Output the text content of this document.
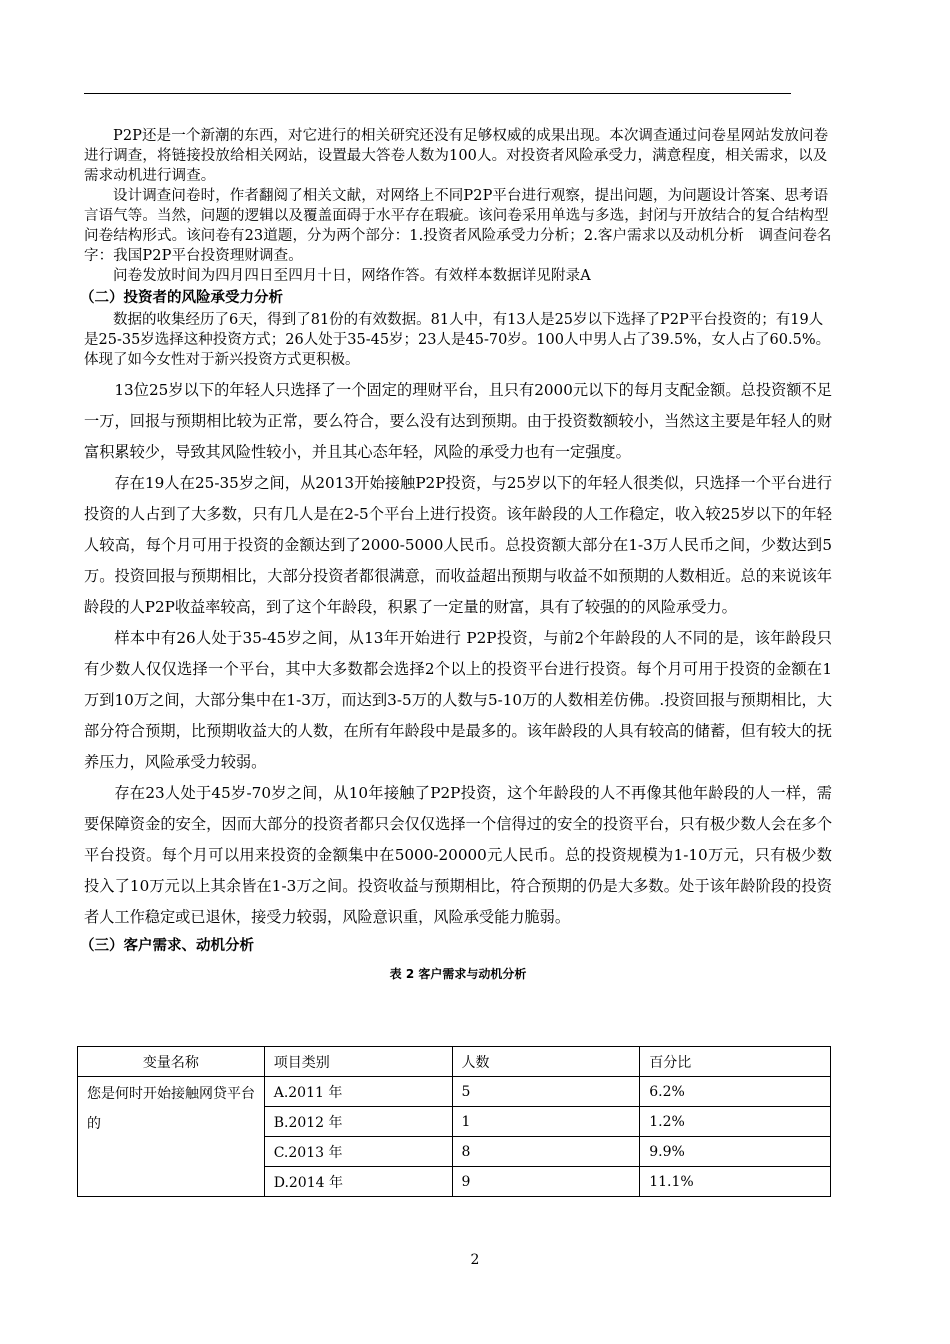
P2P还是一个新潮的东西，对它进行的相关研究还没有足够权威的成果出现。本次调查通过问卷星网站发放问卷进行调查，将链接投放给相关网站，设置最大答卷人数为100人。对投资者风险承受力，满意程度，相关需求，以及需求动机进行调查。

设计调查问卷时，作者翻阅了相关文献，对网络上不同P2P平台进行观察，提出问题，为问题设计答案、思考语言语气等。当然，问题的逻辑以及覆盖面碍于水平存在瑕疵。该问卷采用单选与多选，封闭与开放结合的复合结构型问卷结构形式。该问卷有23道题，分为两个部分：1.投资者风险承受力分析；2.客户需求以及动机分析　调查问卷名字：我国P2P平台投资理财调查。

问卷发放时间为四月四日至四月十日，网络作答。有效样本数据详见附录A

（二）投资者的风险承受力分析

数据的收集经历了6天，得到了81份的有效数据。81人中，有13人是25岁以下选择了P2P平台投资的；有19人是25-35岁选择这种投资方式；26人处于35-45岁；23人是45-70岁。100人中男人占了39.5%，女人占了60.5%。体现了如今女性对于新兴投资方式更积极。

13位25岁以下的年轻人只选择了一个固定的理财平台，且只有2000元以下的每月支配金额。总投资额不足一万，回报与预期相比较为正常，要么符合，要么没有达到预期。由于投资数额较小，当然这主要是年轻人的财富积累较少，导致其风险性较小，并且其心态年轻，风险的承受力也有一定强度。

存在19人在25-35岁之间，从2013开始接触P2P投资，与25岁以下的年轻人很类似，只选择一个平台进行投资的人占到了大多数，只有几人是在2-5个平台上进行投资。该年龄段的人工作稳定，收入较25岁以下的年轻人较高，每个月可用于投资的金额达到了2000-5000人民币。总投资额大部分在1-3万人民币之间，少数达到5万。投资回报与预期相比，大部分投资者都很满意，而收益超出预期与收益不如预期的人数相近。总的来说该年龄段的人P2P收益率较高，到了这个年龄段，积累了一定量的财富，具有了较强的的风险承受力。

样本中有26人处于35-45岁之间，从13年开始进行 P2P投资，与前2个年龄段的人不同的是，该年龄段只有少数人仅仅选择一个平台，其中大多数都会选择2个以上的投资平台进行投资。每个月可用于投资的金额在1万到10万之间，大部分集中在1-3万，而达到3-5万的人数与5-10万的人数相差仿佛。.投资回报与预期相比，大部分符合预期，比预期收益大的人数，在所有年龄段中是最多的。该年龄段的人具有较高的储蓄，但有较大的抚养压力，风险承受力较弱。

存在23人处于45岁-70岁之间，从10年接触了P2P投资，这个年龄段的人不再像其他年龄段的人一样，需要保障资金的安全，因而大部分的投资者都只会仅仅选择一个信得过的安全的投资平台，只有极少数人会在多个平台投资。每个月可以用来投资的金额集中在5000-20000元人民币。总的投资规模为1-10万元，只有极少数投入了10万元以上其余皆在1-3万之间。投资收益与预期相比，符合预期的仍是大多数。处于该年龄阶段的投资者人工作稳定或已退休，接受力较弱，风险意识重，风险承受能力脆弱。

（三）客户需求、动机分析
表 2 客户需求与动机分析
变量名称	项目类别	人数	百分比
您是何时开始接触网贷平台的	A.2011 年	5	6.2%
	B.2012 年	1	1.2%
	C.2013 年	8	9.9%
	D.2014 年	9	11.1%
2
